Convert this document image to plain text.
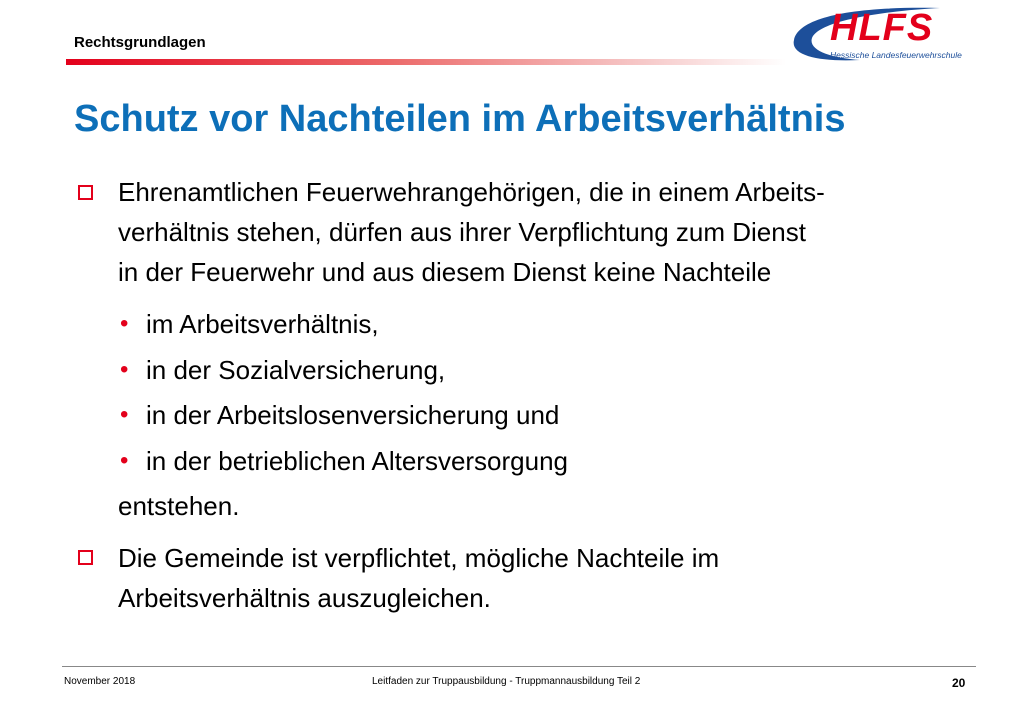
Rechtsgrundlagen	HLFS
Hessische Landesfeuerwehrschule
Schutz vor Nachteilen im Arbeitsverhältnis
Ehrenamtlichen Feuerwehrangehörigen, die in einem Arbeits-
verhältnis stehen, dürfen aus ihrer Verpflichtung zum Dienst
in der Feuerwehr und aus diesem Dienst keine Nachteile
• im Arbeitsverhältnis,
• in der Sozialversicherung,
• in der Arbeitslosenversicherung und
• in der betrieblichen Altersversorgung
entstehen.
Die Gemeinde ist verpflichtet, mögliche Nachteile im
Arbeitsverhältnis auszugleichen.
November 2018	Leitfaden zur Truppausbildung - Truppmannausbildung Teil 2	20
